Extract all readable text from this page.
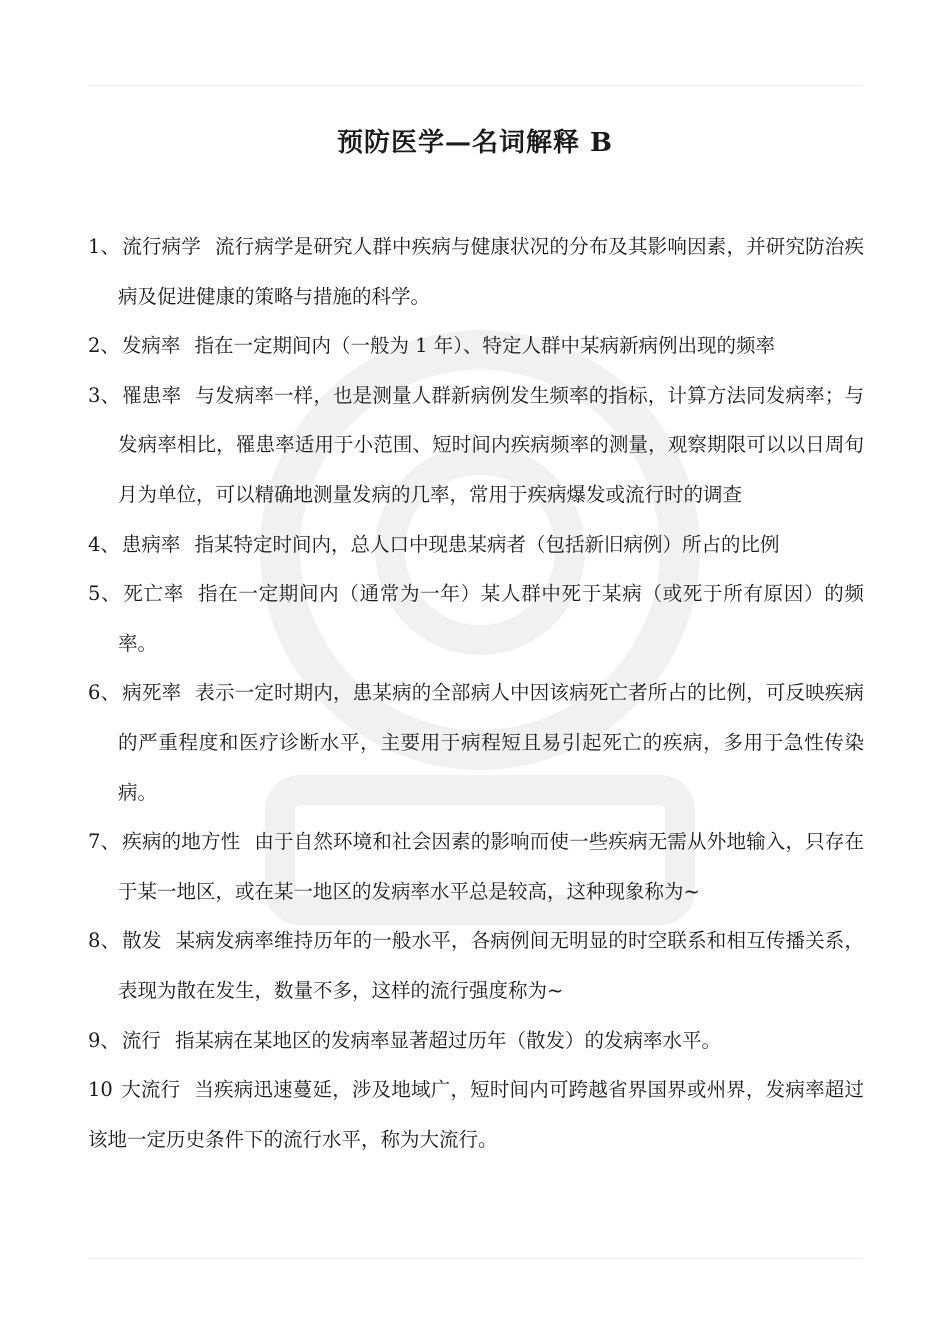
预防医学—名词解释 B

1、 流行病学 流行病学是研究人群中疾病与健康状况的分布及其影响因素，并研究防治疾病及促进健康的策略与措施的科学。

2、 发病率 指在一定期间内（一般为 1 年）、特定人群中某病新病例出现的频率

3、 罹患率 与发病率一样，也是测量人群新病例发生频率的指标，计算方法同发病率；与发病率相比，罹患率适用于小范围、短时间内疾病频率的测量，观察期限可以以日周旬月为单位，可以精确地测量发病的几率，常用于疾病爆发或流行时的调查

4、 患病率 指某特定时间内，总人口中现患某病者（包括新旧病例）所占的比例

5、 死亡率 指在一定期间内（通常为一年）某人群中死于某病（或死于所有原因）的频率。

6、 病死率 表示一定时期内，患某病的全部病人中因该病死亡者所占的比例，可反映疾病的严重程度和医疗诊断水平，主要用于病程短且易引起死亡的疾病，多用于急性传染病。

7、 疾病的地方性 由于自然环境和社会因素的影响而使一些疾病无需从外地输入，只存在于某一地区，或在某一地区的发病率水平总是较高，这种现象称为~

8、 散发 某病发病率维持历年的一般水平，各病例间无明显的时空联系和相互传播关系，表现为散在发生，数量不多，这样的流行强度称为~

9、 流行 指某病在某地区的发病率显著超过历年（散发）的发病率水平。

10 大流行 当疾病迅速蔓延，涉及地域广，短时间内可跨越省界国界或州界，发病率超过该地一定历史条件下的流行水平，称为大流行。
